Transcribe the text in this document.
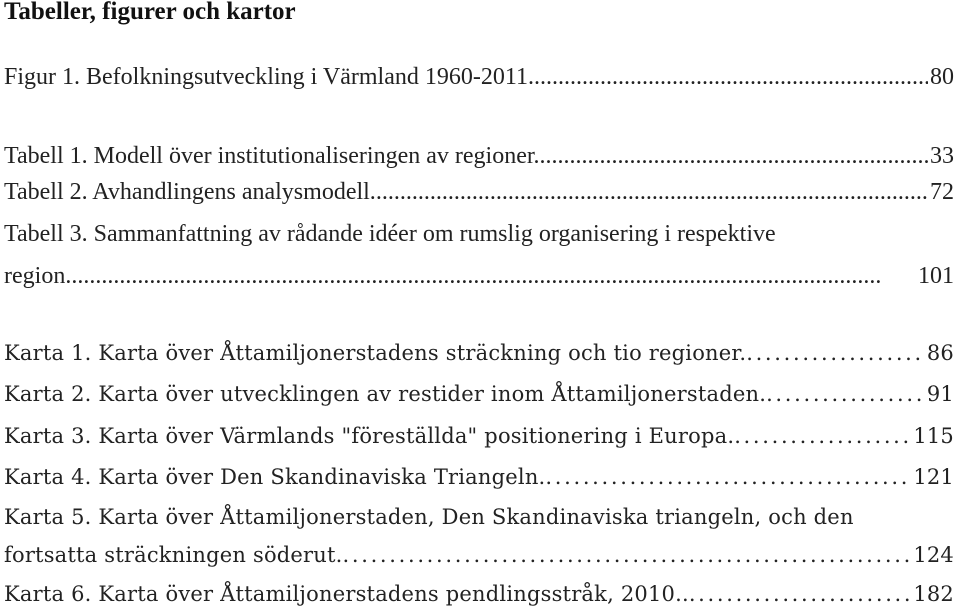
Tabeller, figurer och kartor
Figur 1. Befolkningsutveckling i Värmland 1960-2011. . . .	80
Tabell 1. Modell över institutionaliseringen av regioner. . . .	33
Tabell 2. Avhandlingens analysmodell. . . .	72
Tabell 3. Sammanfattning av rådande idéer om rumslig organisering i respektive
region . . .	101
Karta 1. Karta över Åttamiljonerstadens sträckning och tio regioner. . . .	86
Karta 2. Karta över utvecklingen av restider inom Åttamiljonerstaden. . . .	91
Karta 3. Karta över Värmlands "föreställda" positionering i Europa. . . .	115
Karta 4. Karta över Den Skandinaviska Triangeln. . . .	121
Karta 5. Karta över Åttamiljonerstaden, Den Skandinaviska triangeln, och den
fortsatta sträckningen söderut. . . .	124
Karta 6. Karta över Åttamiljonerstadens pendlingsstråk, 2010.. . . .	182
